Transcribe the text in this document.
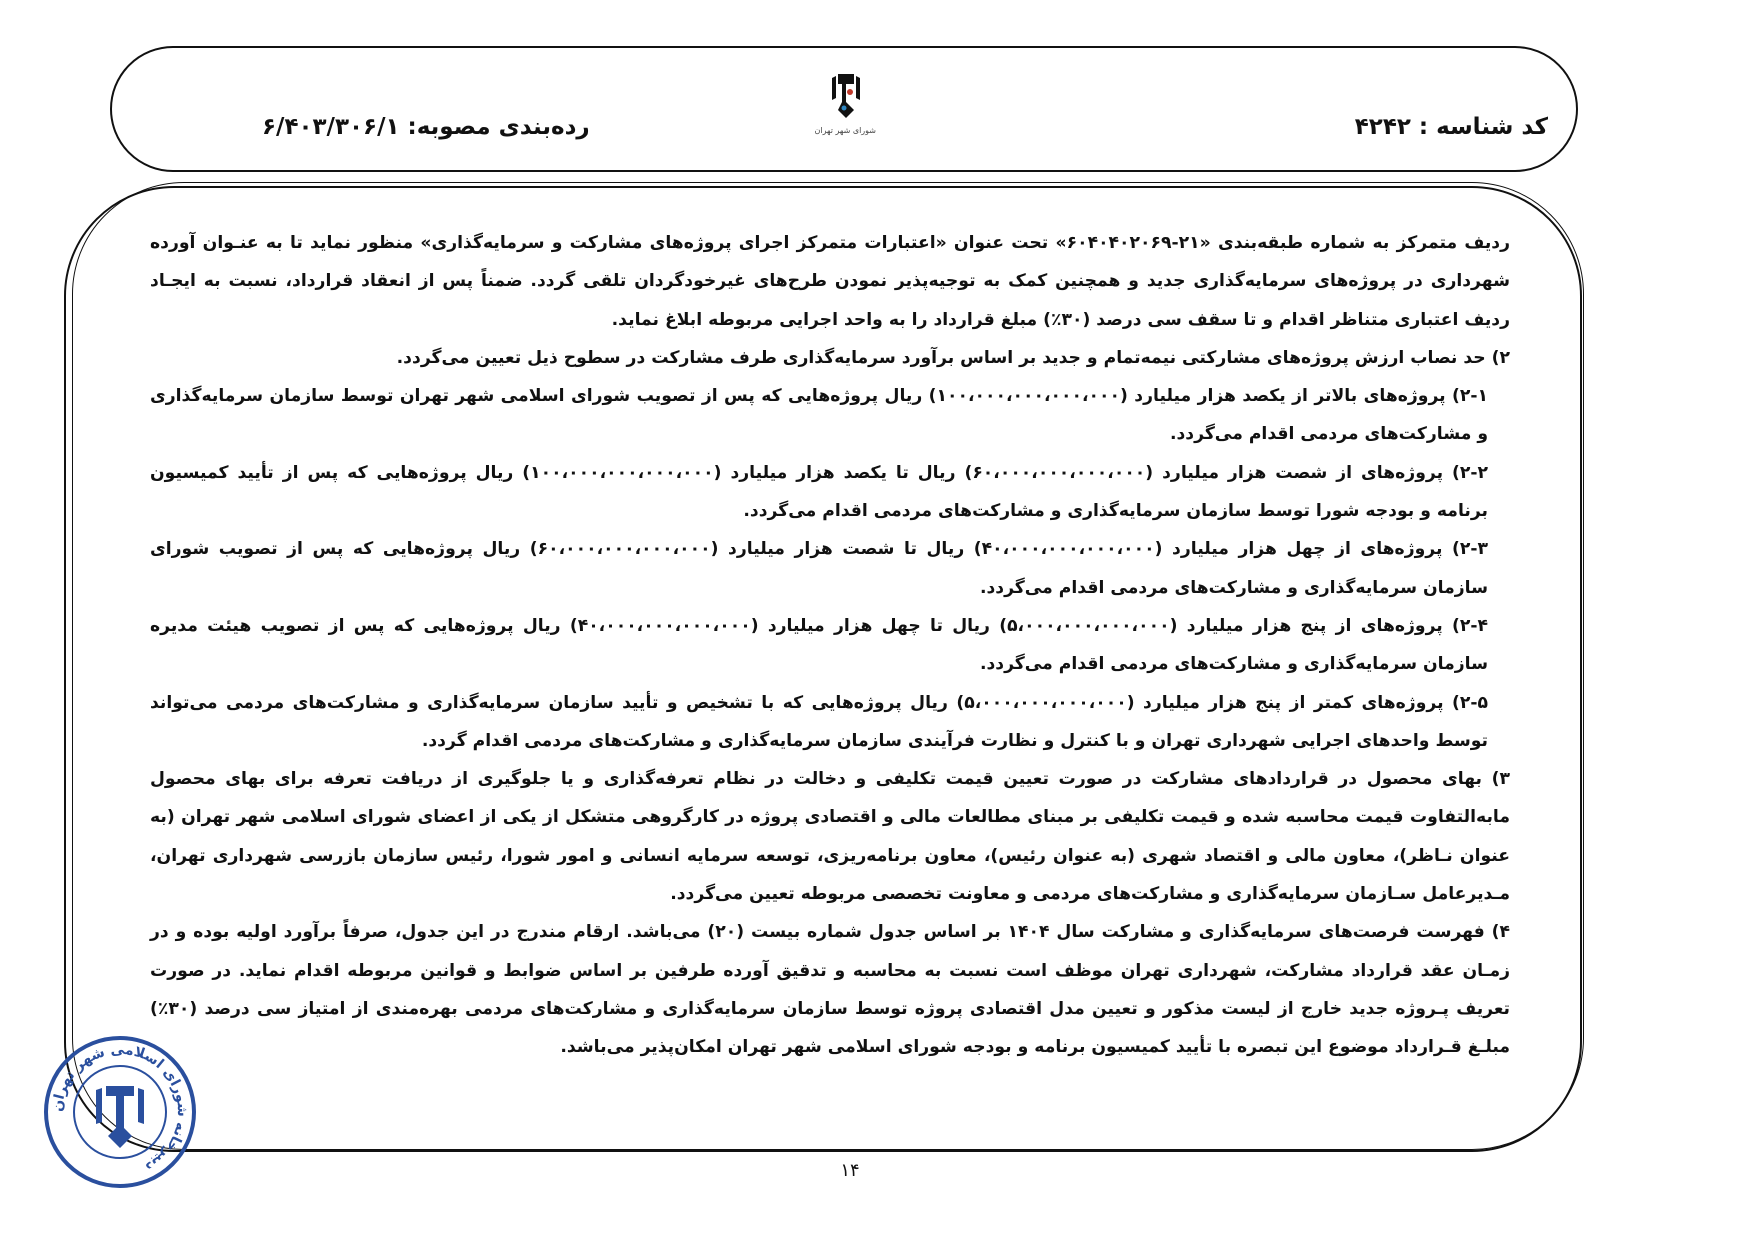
کد شناسه : ۴۲۴۲
شورای شهر تهران
رده‌بندی مصوبه: ۶/۴۰۳/۳۰۶/۱

ردیف متمرکز به شماره طبقه‌بندی «۲۱-۶۰۴۰۴۰۲۰۶۹» تحت عنوان «اعتبارات متمرکز اجرای پروژه‌های مشارکت و سرمایه‌گذاری» منظور نماید تا به عنـوان آورده شهرداری در پروژه‌های سرمایه‌گذاری جدید و همچنین کمک به توجیه‌پذیر نمودن طرح‌های غیرخودگردان تلقی گردد. ضمناً پس از انعقاد قرارداد، نسبت به ایجـاد ردیف اعتباری متناظر اقدام و تا سقف سی درصد (۳۰٪) مبلغ قرارداد را به واحد اجرایی مربوطه ابلاغ نماید.

۲) حد نصاب ارزش پروژه‌های مشارکتی نیمه‌تمام و جدید بر اساس برآورد سرمایه‌گذاری طرف مشارکت در سطوح ذیل تعیین می‌گردد.

۲-۱) پروژه‌های بالاتر از یکصد هزار میلیارد (۱۰۰،۰۰۰،۰۰۰،۰۰۰،۰۰۰) ریال پروژه‌هایی که پس از تصویب شورای اسلامی شهر تهران توسط سازمان سرمایه‌گذاری و مشارکت‌های مردمی اقدام می‌گردد.

۲-۲) پروژه‌های از شصت هزار میلیارد (۶۰،۰۰۰،۰۰۰،۰۰۰،۰۰۰) ریال تا یکصد هزار میلیارد (۱۰۰،۰۰۰،۰۰۰،۰۰۰،۰۰۰) ریال پروژه‌هایی که پس از تأیید کمیسیون برنامه و بودجه شورا توسط سازمان سرمایه‌گذاری و مشارکت‌های مردمی اقدام می‌گردد.

۲-۳) پروژه‌های از چهل هزار میلیارد (۴۰،۰۰۰،۰۰۰،۰۰۰،۰۰۰) ریال تا شصت هزار میلیارد (۶۰،۰۰۰،۰۰۰،۰۰۰،۰۰۰) ریال پروژه‌هایی که پس از تصویب شورای سازمان سرمایه‌گذاری و مشارکت‌های مردمی اقدام می‌گردد.

۲-۴) پروژه‌های از پنج هزار میلیارد (۵،۰۰۰،۰۰۰،۰۰۰،۰۰۰) ریال تا چهل هزار میلیارد (۴۰،۰۰۰،۰۰۰،۰۰۰،۰۰۰) ریال پروژه‌هایی که پس از تصویب هیئت مدیره سازمان سرمایه‌گذاری و مشارکت‌های مردمی اقدام می‌گردد.

۲-۵) پروژه‌های کمتر از پنج هزار میلیارد (۵،۰۰۰،۰۰۰،۰۰۰،۰۰۰) ریال پروژه‌هایی که با تشخیص و تأیید سازمان سرمایه‌گذاری و مشارکت‌های مردمی می‌تواند توسط واحدهای اجرایی شهرداری تهران و با کنترل و نظارت فرآیندی سازمان سرمایه‌گذاری و مشارکت‌های مردمی اقدام گردد.

۳) بهای محصول در قراردادهای مشارکت در صورت تعیین قیمت تکلیفی و دخالت در نظام تعرفه‌گذاری و یا جلوگیری از دریافت تعرفه برای بهای محصول مابه‌التفاوت قیمت محاسبه شده و قیمت تکلیفی بر مبنای مطالعات مالی و اقتصادی پروژه در کارگروهی متشکل از یکی از اعضای شورای اسلامی شهر تهران (به عنوان نـاظر)، معاون مالی و اقتصاد شهری (به عنوان رئیس)، معاون برنامه‌ریزی، توسعه سرمایه انسانی و امور شورا، رئیس سازمان بازرسی شهرداری تهران، مـدیرعامل سـازمان سرمایه‌گذاری و مشارکت‌های مردمی و معاونت تخصصی مربوطه تعیین می‌گردد.

۴) فهرست فرصت‌های سرمایه‌گذاری و مشارکت سال ۱۴۰۴ بر اساس جدول شماره بیست (۲۰) می‌باشد. ارقام مندرج در این جدول، صرفاً برآورد اولیه بوده و در زمـان عقد قرارداد مشارکت، شهرداری تهران موظف است نسبت به محاسبه و تدقیق آورده طرفین بر اساس ضوابط و قوانین مربوطه اقدام نماید. در صورت تعریف پـروژه جدید خارج از لیست مذکور و تعیین مدل اقتصادی پروژه توسط سازمان سرمایه‌گذاری و مشارکت‌های مردمی بهره‌مندی از امتیاز سی درصد (۳۰٪) مبلـغ قـرارداد موضوع این تبصره با تأیید کمیسیون برنامه و بودجه شورای اسلامی شهر تهران امکان‌پذیر می‌باشد.

۱۴
دبیرخانه شورای اسلامی شهر تهران
